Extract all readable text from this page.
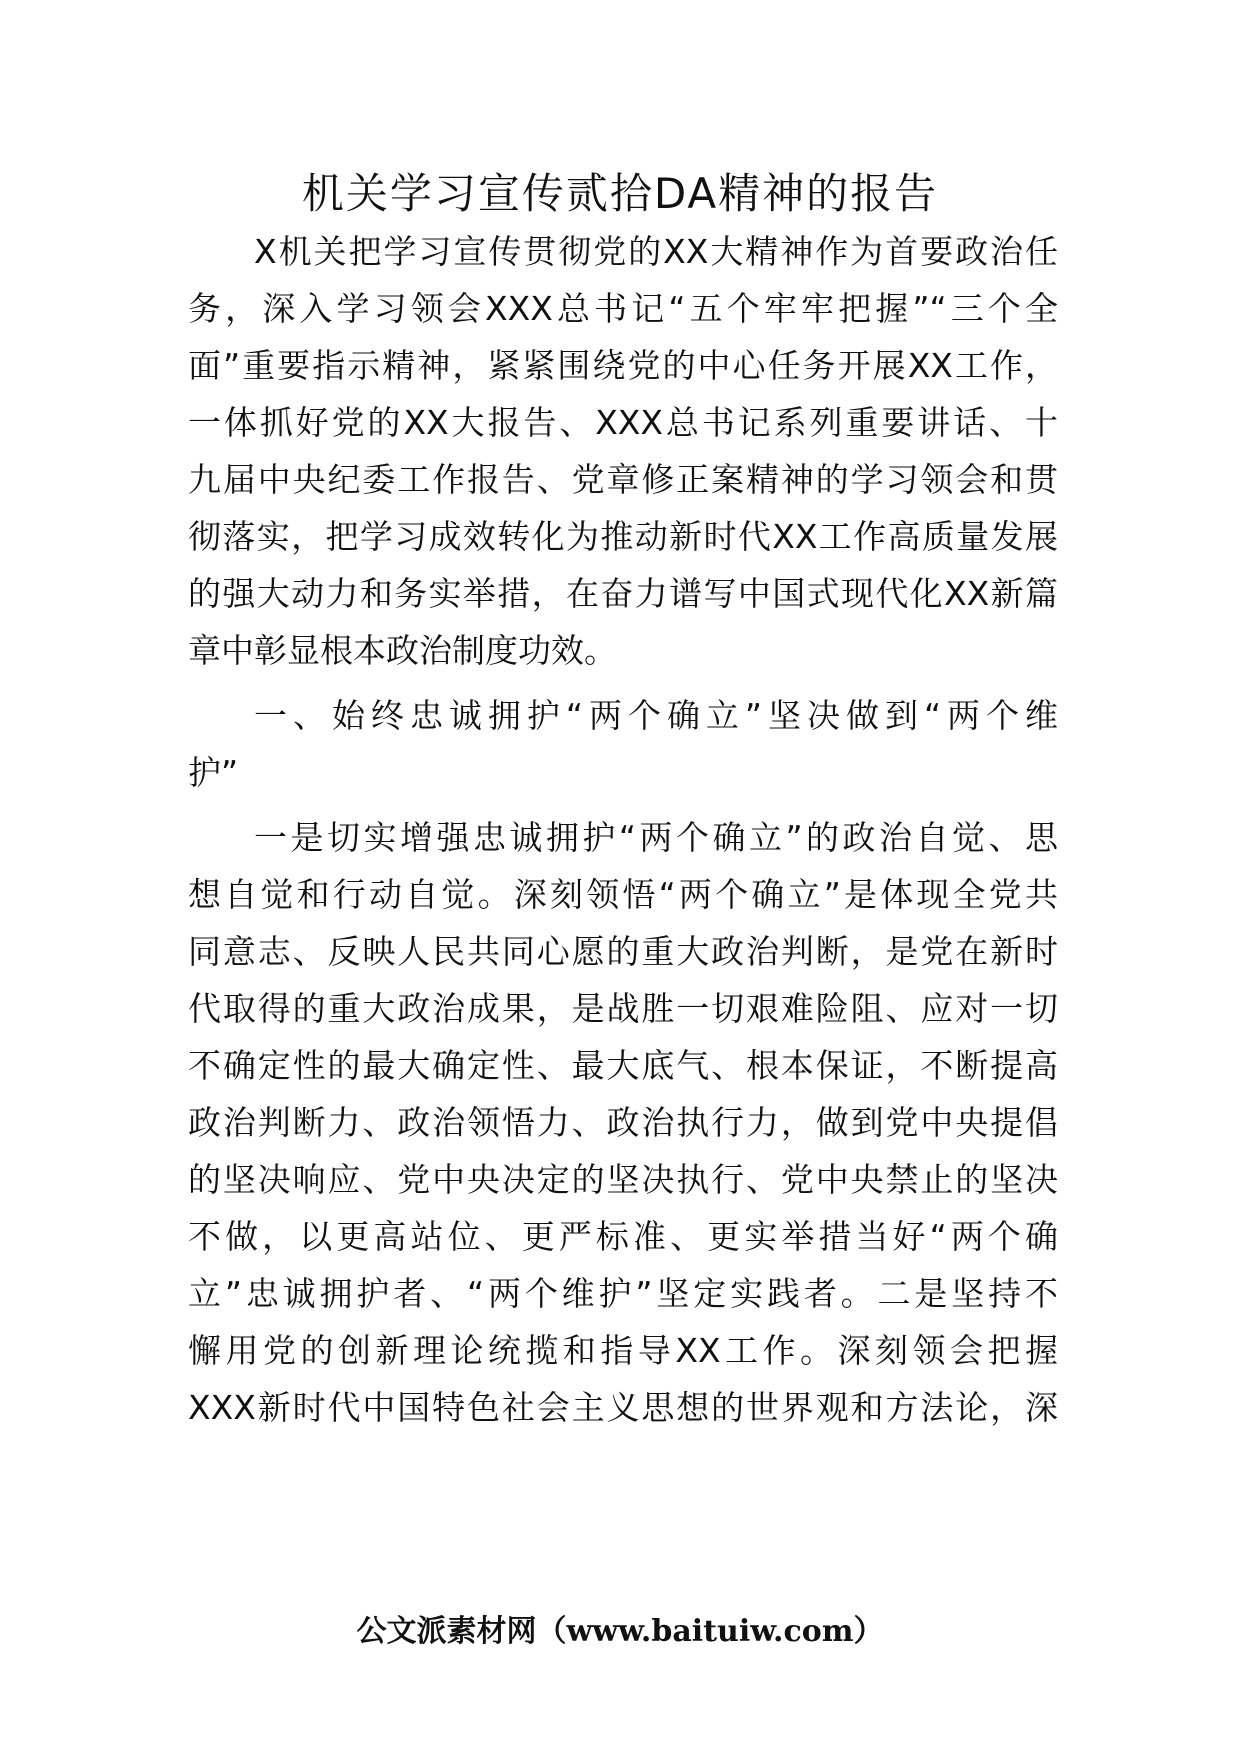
机关学习宣传贰拾DA精神的报告
X机关把学习宣传贯彻党的XX大精神作为首要政治任
务，深入学习领会XXX总书记“五个牢牢把握”“三个全
面”重要指示精神，紧紧围绕党的中心任务开展XX工作，
一体抓好党的XX大报告、XXX总书记系列重要讲话、十
九届中央纪委工作报告、党章修正案精神的学习领会和贯
彻落实，把学习成效转化为推动新时代XX工作高质量发展
的强大动力和务实举措，在奋力谱写中国式现代化XX新篇
章中彰显根本政治制度功效。
一、始终忠诚拥护“两个确立”坚决做到“两个维
护”
一是切实增强忠诚拥护“两个确立”的政治自觉、思
想自觉和行动自觉。深刻领悟“两个确立”是体现全党共
同意志、反映人民共同心愿的重大政治判断，是党在新时
代取得的重大政治成果，是战胜一切艰难险阻、应对一切
不确定性的最大确定性、最大底气、根本保证，不断提高
政治判断力、政治领悟力、政治执行力，做到党中央提倡
的坚决响应、党中央决定的坚决执行、党中央禁止的坚决
不做，以更高站位、更严标准、更实举措当好“两个确
立”忠诚拥护者、“两个维护”坚定实践者。二是坚持不
懈用党的创新理论统揽和指导XX工作。深刻领会把握
XXX新时代中国特色社会主义思想的世界观和方法论，深
公文派素材网（www.baituiw.com）
